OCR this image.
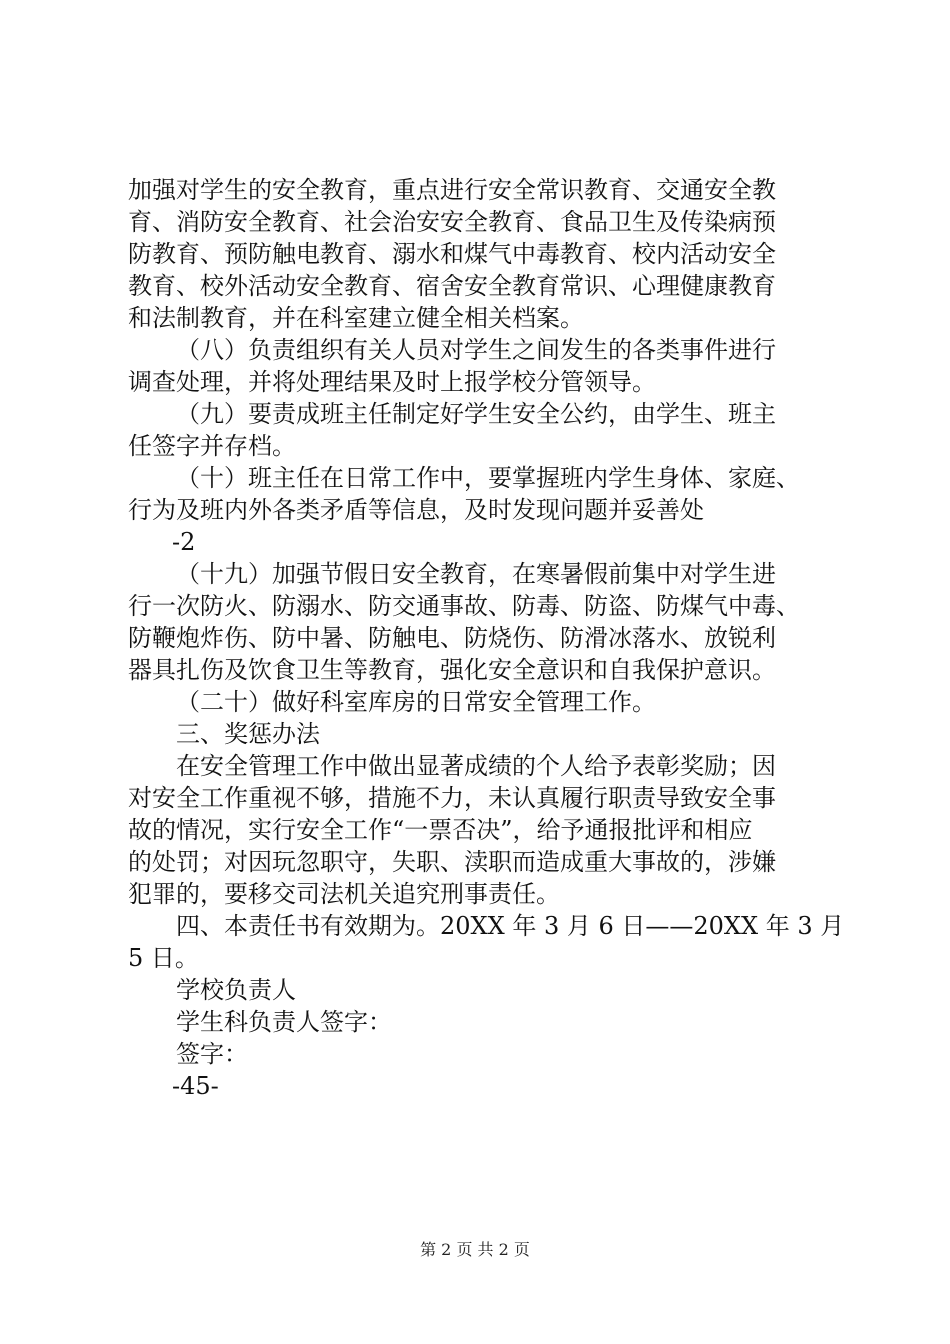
加强对学生的安全教育，重点进行安全常识教育、交通安全教
育、消防安全教育、社会治安安全教育、食品卫生及传染病预
防教育、预防触电教育、溺水和煤气中毒教育、校内活动安全
教育、校外活动安全教育、宿舍安全教育常识、心理健康教育
和法制教育，并在科室建立健全相关档案。
（八）负责组织有关人员对学生之间发生的各类事件进行
调查处理，并将处理结果及时上报学校分管领导。
（九）要责成班主任制定好学生安全公约，由学生、班主
任签字并存档。
（十）班主任在日常工作中，要掌握班内学生身体、家庭、
行为及班内外各类矛盾等信息，及时发现问题并妥善处
-2
（十九）加强节假日安全教育，在寒暑假前集中对学生进
行一次防火、防溺水、防交通事故、防毒、防盗、防煤气中毒、
防鞭炮炸伤、防中暑、防触电、防烧伤、防滑冰落水、放锐利
器具扎伤及饮食卫生等教育，强化安全意识和自我保护意识。
（二十）做好科室库房的日常安全管理工作。
三、奖惩办法
在安全管理工作中做出显著成绩的个人给予表彰奖励；因
对安全工作重视不够，措施不力，未认真履行职责导致安全事
故的情况，实行安全工作“一票否决”，给予通报批评和相应
的处罚；对因玩忽职守，失职、渎职而造成重大事故的，涉嫌
犯罪的，要移交司法机关追究刑事责任。
四、本责任书有效期为。20XX 年 3 月 6 日——20XX 年 3 月
5 日。
学校负责人
学生科负责人签字：
签字：
-45-
第 2 页 共 2 页
